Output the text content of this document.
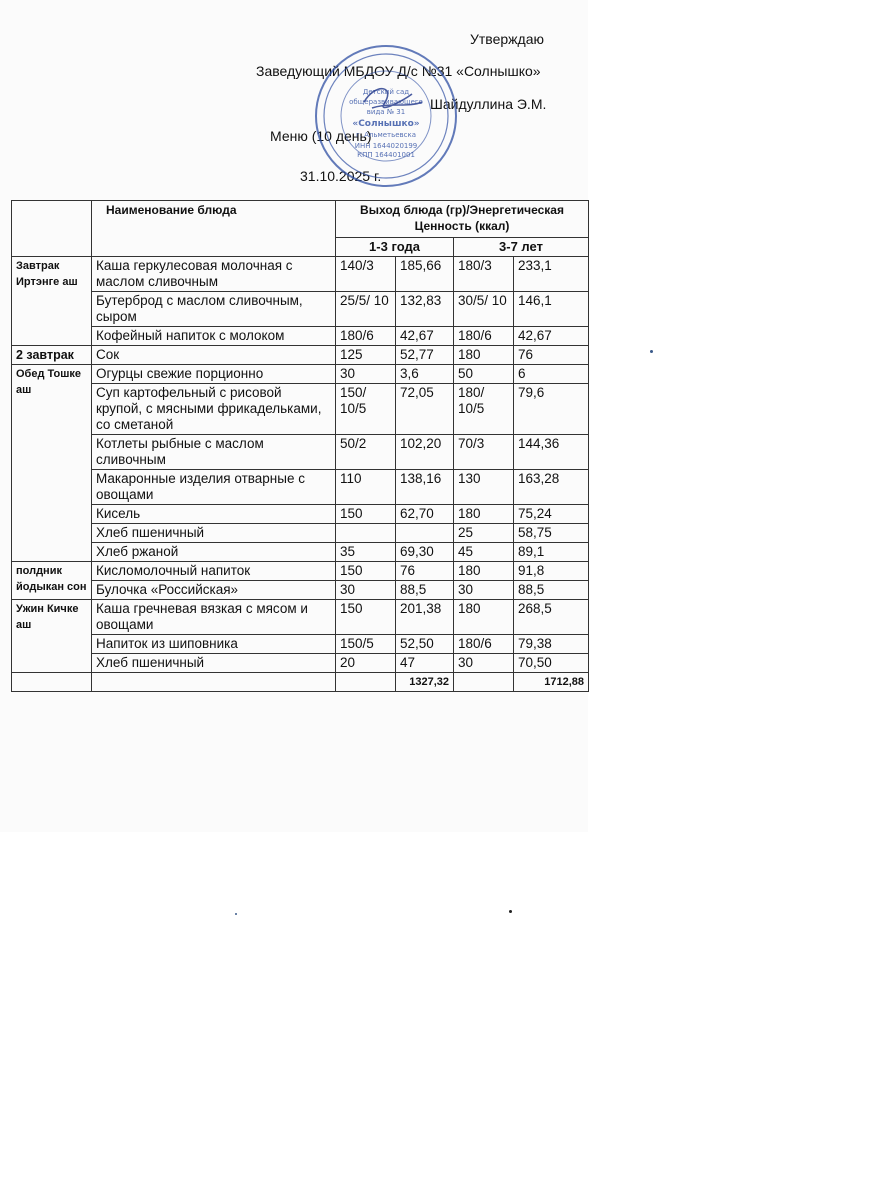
Утверждаю
Заведующий МБДОУ Д/с №31 «Солнышко»
Шайдуллина Э.М.
Меню (10 день)
31.10.2025 г.
Детский сад
общеразвивающего
вида № 31
«Солнышко»
г. Альметьевска
ИНН 1644020199
КПП 164401001
	Наименование блюда	Выход блюда (гр)/Энергетическая Ценность (ккал)			
		1-3 года		3-7 лет	
Завтрак Иртэнге аш	Каша геркулесовая молочная с маслом сливочным	140/3	185,66	180/3	233,1
	Бутерброд с маслом сливочным, сыром	25/5/ 10	132,83	30/5/ 10	146,1
	Кофейный напиток с молоком	180/6	42,67	180/6	42,67
2 завтрак	Сок	125	52,77	180	76
Обед Тошке аш	Огурцы свежие порционно	30	3,6	50	6
	Суп картофельный с рисовой крупой, с мясными фрикадельками, со сметаной	150/ 10/5	72,05	180/ 10/5	79,6
	Котлеты рыбные с маслом сливочным	50/2	102,20	70/3	144,36
	Макаронные изделия отварные с овощами	110	138,16	130	163,28
	Кисель	150	62,70	180	75,24
	Хлеб пшеничный			25	58,75
	Хлеб ржаной	35	69,30	45	89,1
полдник йодыкан сон	Кисломолочный напиток	150	76	180	91,8
	Булочка «Российская»	30	88,5	30	88,5
Ужин Кичке аш	Каша гречневая вязкая с мясом и овощами	150	201,38	180	268,5
	Напиток из шиповника	150/5	52,50	180/6	79,38
	Хлеб пшеничный	20	47	30	70,50
			1327,32		1712,88
